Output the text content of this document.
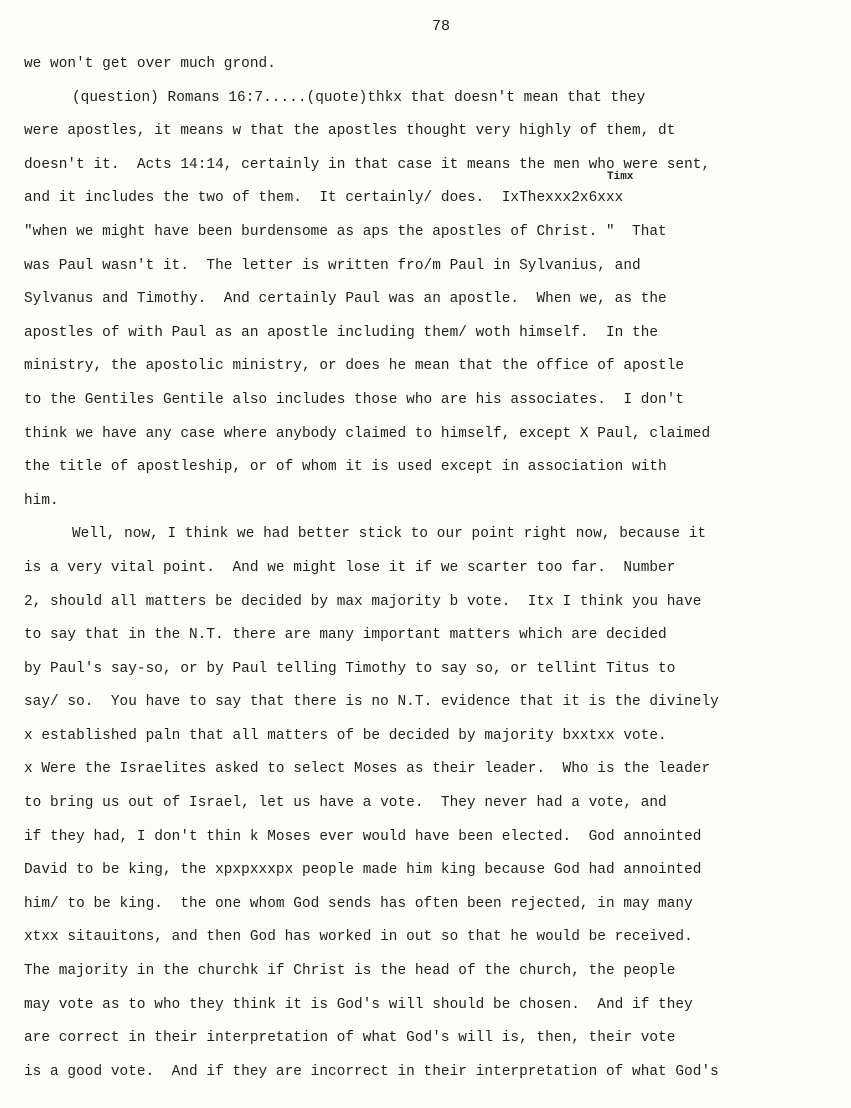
78
Timx
we won't get over much grond.
(question) Romans 16:7.....(quote)thkx that doesn't mean that they
were apostles, it means w that the apostles thought very highly of them, dt
doesn't it.  Acts 14:14, certainly in that case it means the men who were sent,
and it includes the two of them.  It certainly/ does.  IxThexxx2x6xxx
"when we might have been burdensome as aps the apostles of Christ. "  That
was Paul wasn't it.  The letter is written fro/m Paul in Sylvanius, and
Sylvanus and Timothy.  And certainly Paul was an apostle.  When we, as the
apostles of with Paul as an apostle including them/ woth himself.  In the
ministry, the apostolic ministry, or does he mean that the office of apostle
to the Gentiles Gentile also includes those who are his associates.  I don't
think we have any case where anybody claimed to himself, except X Paul, claimed
the title of apostleship, or of whom it is used except in association with
him.
Well, now, I think we had better stick to our point right now, because it
is a very vital point.  And we might lose it if we scarter too far.  Number
2, should all matters be decided by max majority b vote.  Itx I think you have
to say that in the N.T. there are many important matters which are decided
by Paul's say-so, or by Paul telling Timothy to say so, or tellint Titus to
say/ so.  You have to say that there is no N.T. evidence that it is the divinely
x established paln that all matters of be decided by majority bxxtxx vote.
x Were the Israelites asked to select Moses as their leader.  Who is the leader
to bring us out of Israel, let us have a vote.  They never had a vote, and
if they had, I don't thin k Moses ever would have been elected.  God annointed
David to be king, the xpxpxxxpx people made him king because God had annointed
him/ to be king.  the one whom God sends has often been rejected, in may many
xtxx sitauitons, and then God has worked in out so that he would be received.
The majority in the churchk if Christ is the head of the church, the people
may vote as to who they think it is God's will should be chosen.  And if they
are correct in their interpretation of what God's will is, then, their vote
is a good vote.  And if they are incorrect in their interpretation of what God's
